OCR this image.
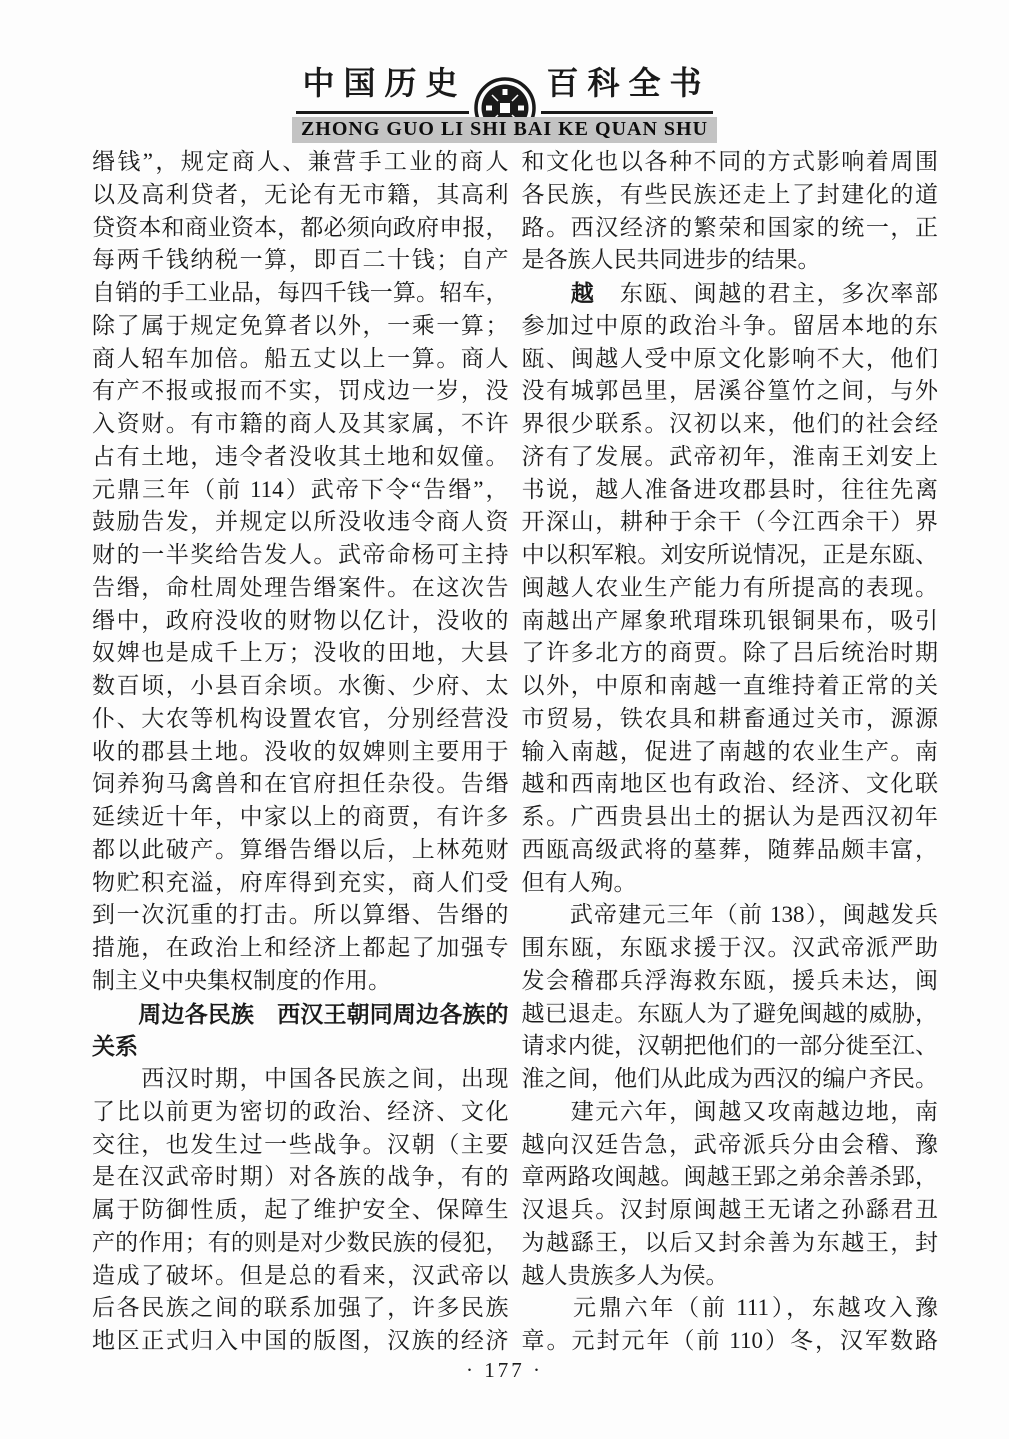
中国历史	百科全书
ZHONG GUO LI SHI BAI KE QUAN SHU
缗钱”，规定商人、兼营手工业的商人
以及高利贷者，无论有无市籍，其高利
贷资本和商业资本，都必须向政府申报，
每两千钱纳税一算，即百二十钱；自产
自销的手工业品，每四千钱一算。轺车，
除了属于规定免算者以外，一乘一算；
商人轺车加倍。船五丈以上一算。商人
有产不报或报而不实，罚戍边一岁，没
入资财。有市籍的商人及其家属，不许
占有土地，违令者没收其土地和奴僮。
元鼎三年（前 114）武帝下令“告缗”，
鼓励告发，并规定以所没收违令商人资
财的一半奖给告发人。武帝命杨可主持
告缗，命杜周处理告缗案件。在这次告
缗中，政府没收的财物以亿计，没收的
奴婢也是成千上万；没收的田地，大县
数百顷，小县百余顷。水衡、少府、太
仆、大农等机构设置农官，分别经营没
收的郡县土地。没收的奴婢则主要用于
饲养狗马禽兽和在官府担任杂役。告缗
延续近十年，中家以上的商贾，有许多
都以此破产。算缗告缗以后，上林苑财
物贮积充溢，府库得到充实，商人们受
到一次沉重的打击。所以算缗、告缗的
措施，在政治上和经济上都起了加强专
制主义中央集权制度的作用。
　　周边各民族　西汉王朝同周边各族的
关系
　　西汉时期，中国各民族之间，出现
了比以前更为密切的政治、经济、文化
交往，也发生过一些战争。汉朝（主要
是在汉武帝时期）对各族的战争，有的
属于防御性质，起了维护安全、保障生
产的作用；有的则是对少数民族的侵犯，
造成了破坏。但是总的看来，汉武帝以
后各民族之间的联系加强了，许多民族
地区正式归入中国的版图，汉族的经济
和文化也以各种不同的方式影响着周围
各民族，有些民族还走上了封建化的道
路。西汉经济的繁荣和国家的统一，正
是各族人民共同进步的结果。
　　越　东瓯、闽越的君主，多次率部
参加过中原的政治斗争。留居本地的东
瓯、闽越人受中原文化影响不大，他们
没有城郭邑里，居溪谷篁竹之间，与外
界很少联系。汉初以来，他们的社会经
济有了发展。武帝初年，淮南王刘安上
书说，越人准备进攻郡县时，往往先离
开深山，耕种于余干（今江西余干）界
中以积军粮。刘安所说情况，正是东瓯、
闽越人农业生产能力有所提高的表现。
南越出产犀象玳瑁珠玑银铜果布，吸引
了许多北方的商贾。除了吕后统治时期
以外，中原和南越一直维持着正常的关
市贸易，铁农具和耕畜通过关市，源源
输入南越，促进了南越的农业生产。南
越和西南地区也有政治、经济、文化联
系。广西贵县出土的据认为是西汉初年
西瓯高级武将的墓葬，随葬品颇丰富，
但有人殉。
　　武帝建元三年（前 138），闽越发兵
围东瓯，东瓯求援于汉。汉武帝派严助
发会稽郡兵浮海救东瓯，援兵未达，闽
越已退走。东瓯人为了避免闽越的威胁，
请求内徙，汉朝把他们的一部分徙至江、
淮之间，他们从此成为西汉的编户齐民。
　　建元六年，闽越又攻南越边地，南
越向汉廷告急，武帝派兵分由会稽、豫
章两路攻闽越。闽越王郢之弟余善杀郢，
汉退兵。汉封原闽越王无诸之孙繇君丑
为越繇王，以后又封余善为东越王，封
越人贵族多人为侯。
　　元鼎六年（前 111），东越攻入豫
章。元封元年（前 110）冬，汉军数路
· 177 ·
